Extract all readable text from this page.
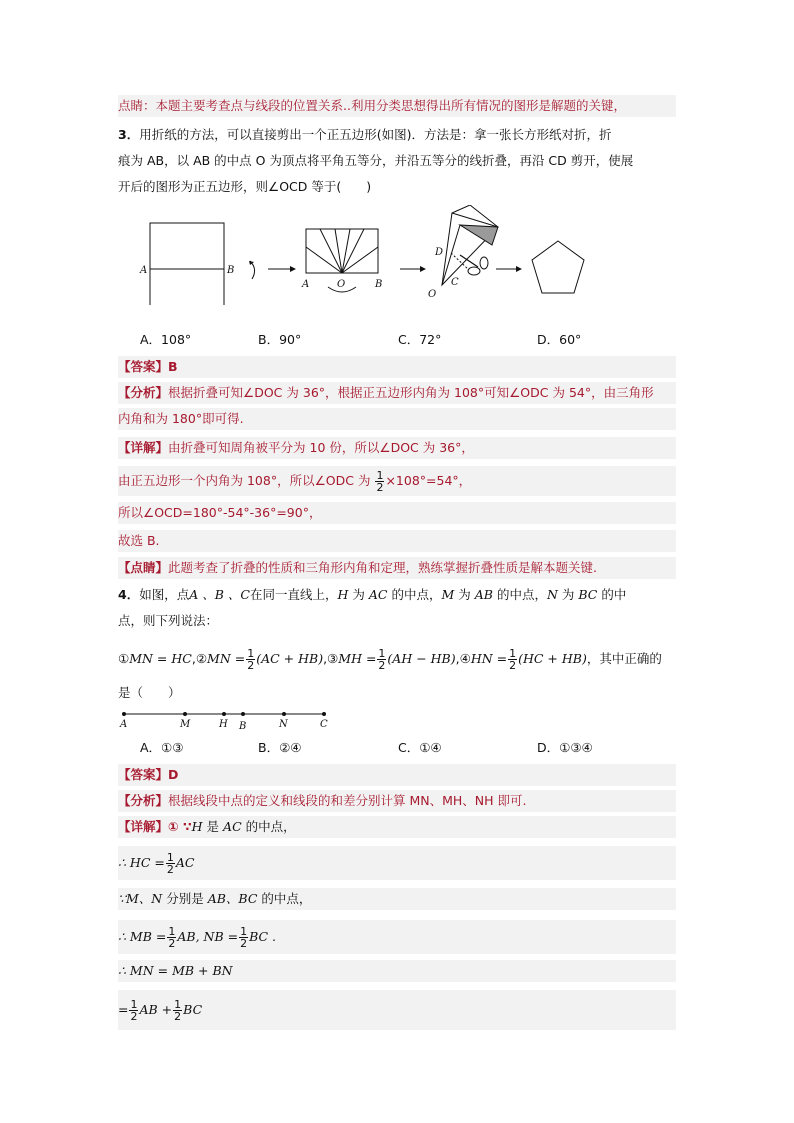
点睛：本题主要考查点与线段的位置关系..利用分类思想得出所有情况的图形是解题的关键，
3．用折纸的方法，可以直接剪出一个正五边形(如图)．方法是：拿一张长方形纸对折，折
痕为 AB，以 AB 的中点 O 为顶点将平角五等分，并沿五等分的线折叠，再沿 CD 剪开，使展
开后的图形为正五边形，则∠OCD 等于(　　)
A	B
A	O	B
D
C
O
A．108°	B．90°	C．72°	D．60°
【答案】B
【分析】根据折叠可知∠DOC 为 36°，根据正五边形内角为 108°可知∠ODC 为 54°，由三角形
内角和为 180°即可得.
【详解】由折叠可知周角被平分为 10 份，所以∠DOC 为 36°，
由正五边形一个内角为 108°，所以∠ODC 为 $\frac{1}{2} \times 108^\circ=54^\circ$，
所以∠OCD=180°-54°-36°=90°，
故选 B.
【点睛】此题考查了折叠的性质和三角形内角和定理，熟练掌握折叠性质是解本题关键.
4．如图，点A 、B 、C在同一直线上，H 为 AC 的中点，M 为 AB 的中点，N 为 BC 的中
点，则下列说法：
①MN = HC,②MN = $\frac{1}{2} (AC$ + HB),③MH = $\frac{1}{2} (AH$ − HB),④HN = $\frac{1}{2} (HC + HB)$，其中正确的
是（　　）
A	M	H B	N	C
A．①③	B．②④	C．①④	D．①③④
【答案】D
【分析】根据线段中点的定义和线段的和差分别计算 MN、MH、NH 即可.
【详解】① ∵H 是 AC 的中点，
∴ HC = $\frac{1}{2}$ AC
∵M、N 分别是 AB、BC 的中点，
∴ MB = $\frac{1}{2}$ AB, NB = $\frac{1}{2}$ BC .
∴ MN = MB + BN
= $\frac{1}{2}$ AB + $\frac{1}{2}$ BC
